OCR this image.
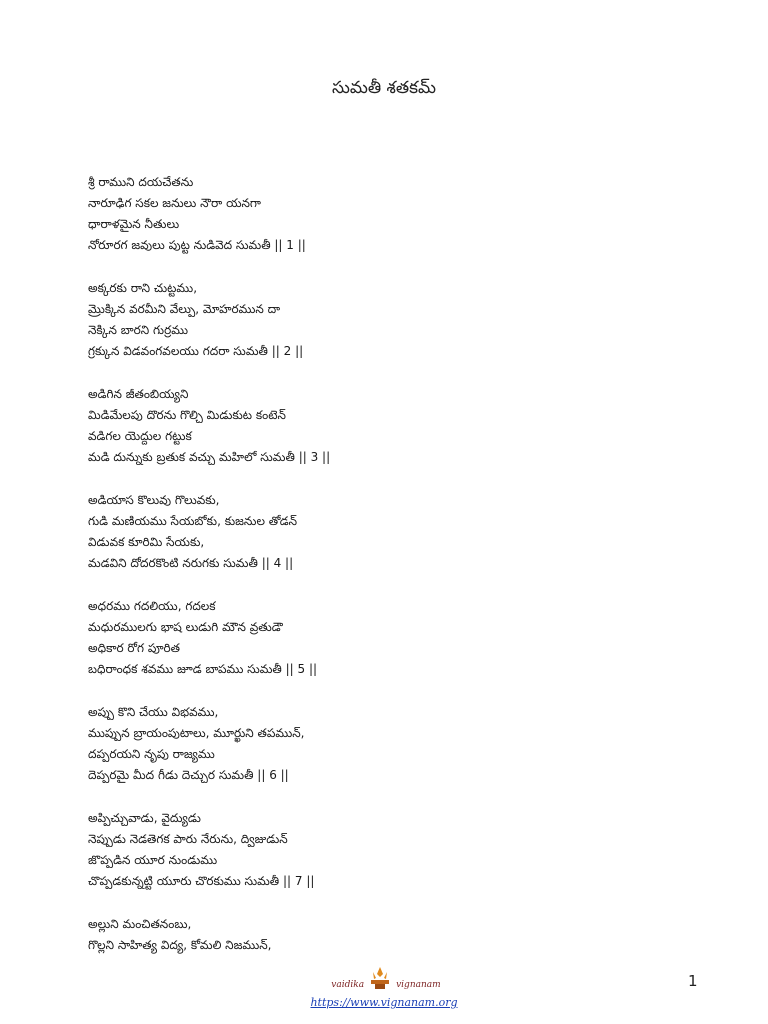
సుమతీ శతకమ్
శ్రీ రాముని దయచేతను
నారూఢిగ సకల జనులు నౌరా యనగా
ధారాళమైన నీతులు
నోరూరగ జవులు పుట్ట నుడివెద సుమతీ || 1 ||
అక్కరకు రాని చుట్టము,
మ్రొక్కిన వరమీని వేల్పు, మోహరమున దా
నెక్కిన బారని గుర్రము
గ్రక్కున విడవంగవలయు గదరా సుమతీ || 2 ||
అడిగిన జీతంబియ్యని
మిడిమేలపు దొరను గొల్చి మిడుకుట కంటెన్
వడిగల యెద్దుల గట్టుక
మడి దున్నుకు బ్రతుక వచ్చు మహిలో సుమతీ || 3 ||
అడియాస కొలువు గొలువకు,
గుడి మణియము సేయబోకు, కుజనుల తోడన్
విడువక కూరిమి సేయకు,
మడవిని దోదరకొంటి నరుగకు సుమతీ || 4 ||
అధరము గదలియు, గదలక
మధురములగు భాష లుడుగి మౌన వ్రతుడౌ
అధికార రోగ పూరిత
బధిరాంధక శవము జూడ బాపము సుమతీ || 5 ||
అప్పు కొని చేయు విభవము,
ముప్పున బ్రాయంపుటాలు, మూర్ఖుని తపమున్,
దప్పరయని నృపు రాజ్యము
దెప్పరమై మీద గీడు దెచ్చుర సుమతీ || 6 ||
అప్పిచ్చువాడు, వైద్యుడు
నెప్పుడు నెడతెగక పారు నేరును, ద్విజుడున్
జొప్పడిన యూర నుండుము
చొప్పడకున్నట్టి యూరు చొరకుము సుమతీ || 7 ||
అల్లుని మంచితనంబు,
గొల్లని సాహిత్య విద్య, కోమలి నిజమున్,
1
vaidika	vignanam
https://www.vignanam.org
